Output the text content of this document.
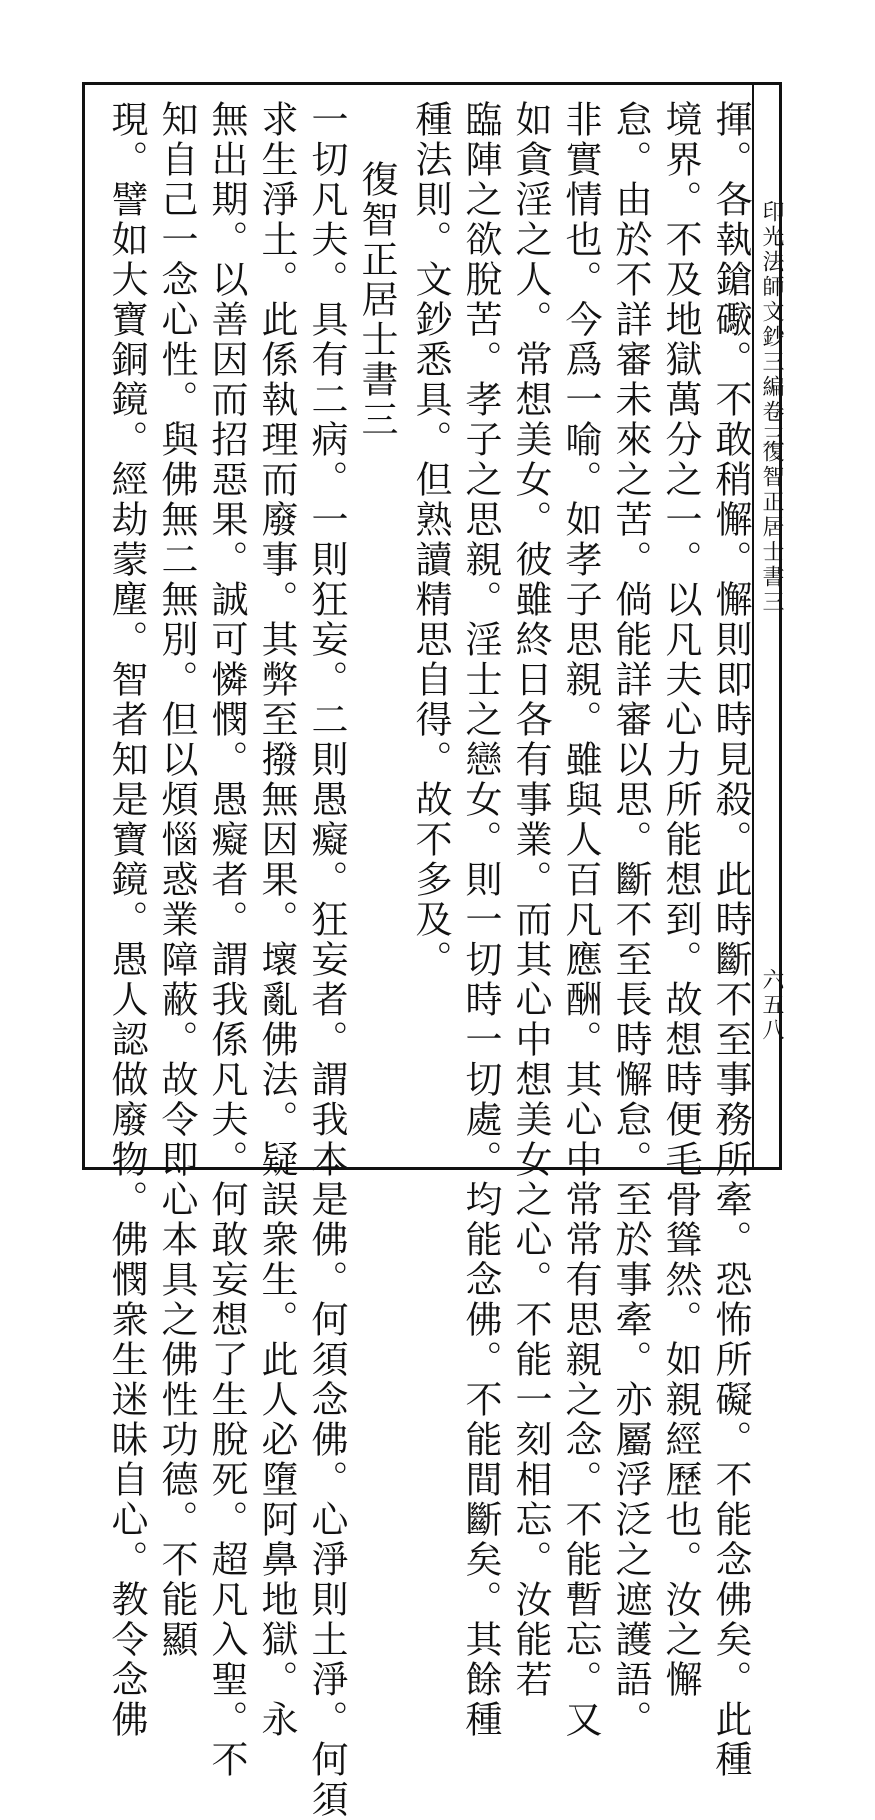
印光法師文鈔三編卷三
復智正居士書三
六五八
揮。各執鎗礮。不敢稍懈。懈則即時見殺。此時斷不至事務所牽。恐怖所礙。不能念佛矣。此種
境界。不及地獄萬分之一。以凡夫心力所能想到。故想時便毛骨聳然。如親經歷也。汝之懈
怠。由於不詳審未來之苦。倘能詳審以思。斷不至長時懈怠。至於事牽。亦屬浮泛之遮護語。
非實情也。今爲一喻。如孝子思親。雖與人百凡應酬。其心中常常有思親之念。不能暫忘。又
如貪淫之人。常想美女。彼雖終日各有事業。而其心中想美女之心。不能一刻相忘。汝能若
臨陣之欲脫苦。孝子之思親。淫士之戀女。則一切時一切處。均能念佛。不能間斷矣。其餘種
種法則。文鈔悉具。但熟讀精思自得。故不多及。
復智正居士書三
一切凡夫。具有二病。一則狂妄。二則愚癡。狂妄者。謂我本是佛。何須念佛。心淨則土淨。何須
求生淨土。此係執理而廢事。其弊至撥無因果。壞亂佛法。疑誤衆生。此人必墮阿鼻地獄。永
無出期。以善因而招惡果。誠可憐憫。愚癡者。謂我係凡夫。何敢妄想了生脫死。超凡入聖。不
知自己一念心性。與佛無二無別。但以煩惱惑業障蔽。故令即心本具之佛性功德。不能顯
現。譬如大寶銅鏡。經劫蒙塵。智者知是寶鏡。愚人認做廢物。佛憫衆生迷昧自心。教令念佛
